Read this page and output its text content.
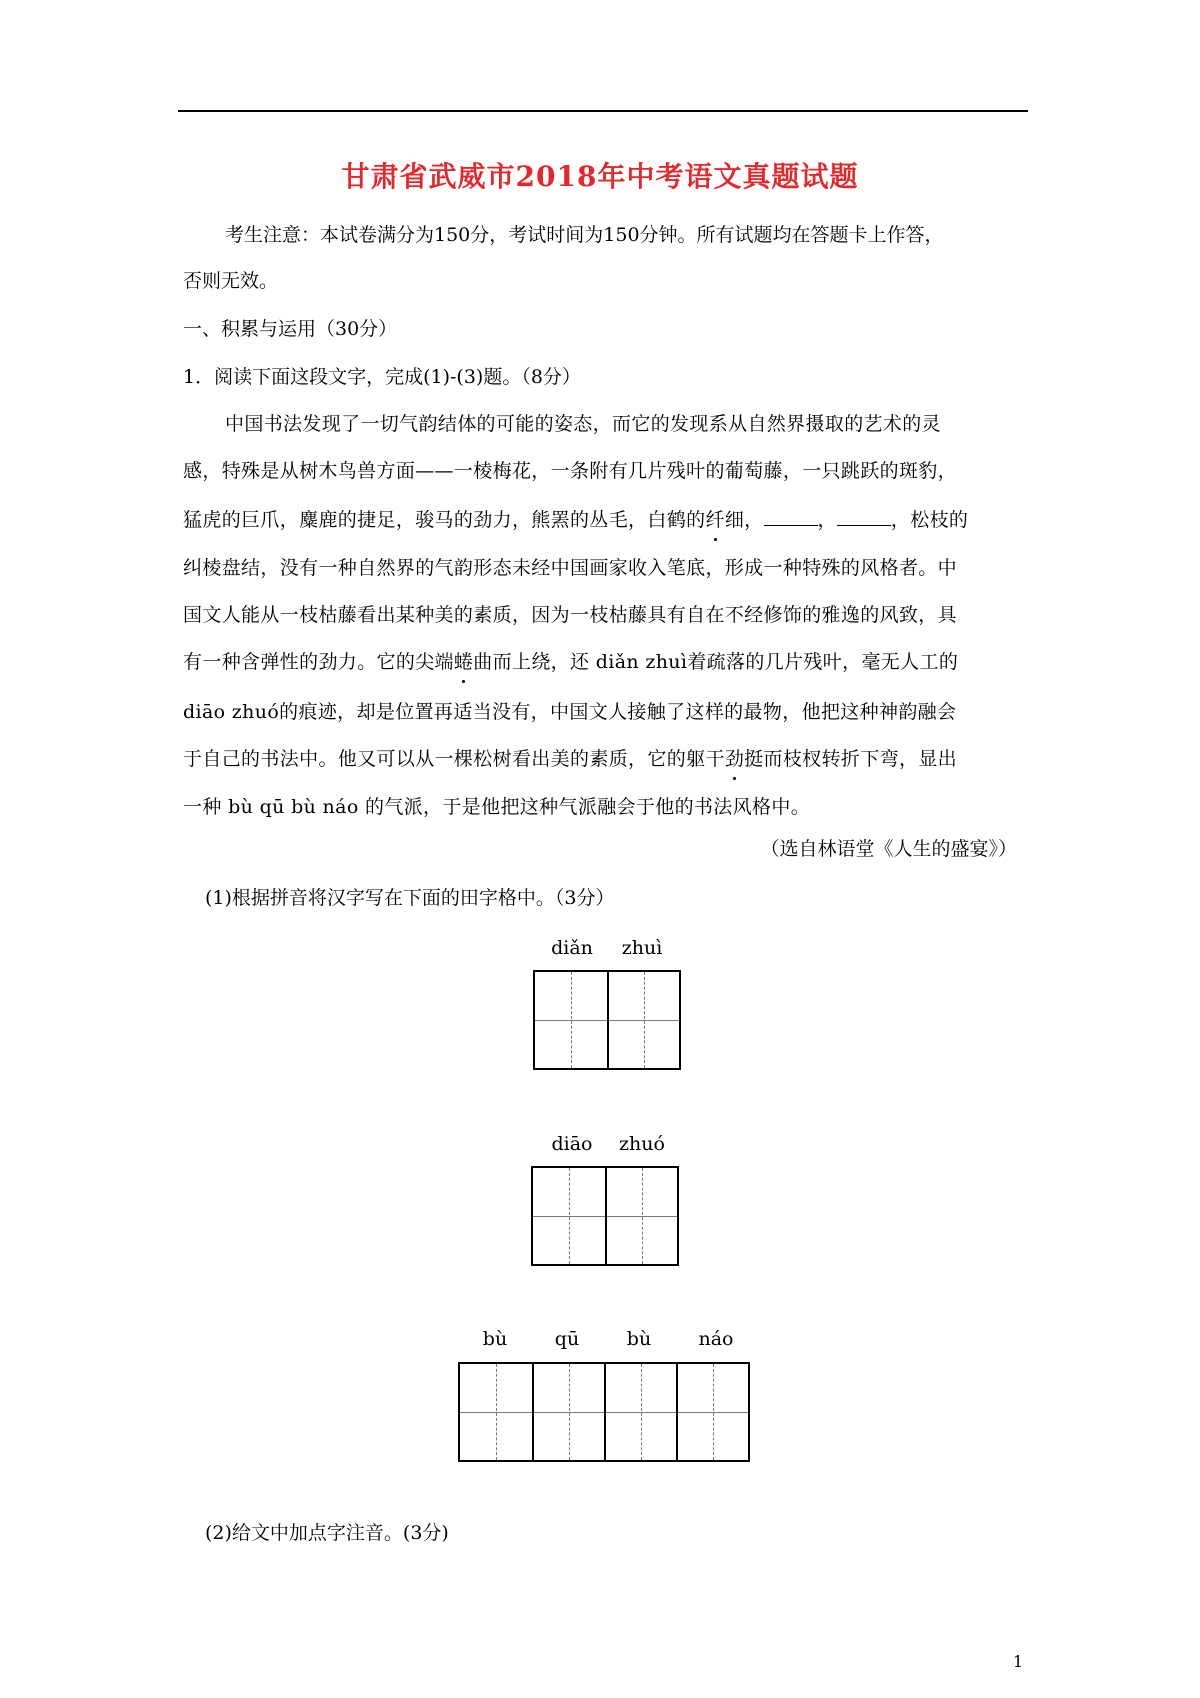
甘肃省武威市2018年中考语文真题试题
考生注意：本试卷满分为150分，考试时间为150分钟。所有试题均在答题卡上作答，
否则无效。
一、积累与运用（30分）
1．阅读下面这段文字，完成(1)-(3)题。（8分）
中国书法发现了一切气韵结体的可能的姿态，而它的发现系从自然界摄取的艺术的灵
感，特殊是从树木鸟兽方面——一棱梅花，一条附有几片残叶的葡萄藤，一只跳跃的斑豹，
猛虎的巨爪，麋鹿的捷足，骏马的劲力，熊罴的丛毛，白鹤的纤细，	，	，松枝的
纠棱盘结，没有一种自然界的气韵形态未经中国画家收入笔底，形成一种特殊的风格者。中
国文人能从一枝枯藤看出某种美的素质，因为一枝枯藤具有自在不经修饰的雅逸的风致，具
有一种含弹性的劲力。它的尖端蜷曲而上绕，还 diǎn zhuì着疏落的几片残叶，毫无人工的
diāo zhuó的痕迹，却是位置再适当没有，中国文人接触了这样的最物，他把这种神韵融会
于自己的书法中。他又可以从一棵松树看出美的素质，它的躯干劲挺而枝杈转折下弯，显出
一种 bù qū bù náo 的气派，于是他把这种气派融会于他的书法风格中。
（选自林语堂《人生的盛宴》）
(1)根据拼音将汉字写在下面的田字格中。（3分）
diǎn	zhuì
diāo	zhuó
bù	qū	bù	náo
(2)给文中加点字注音。(3分)
1
